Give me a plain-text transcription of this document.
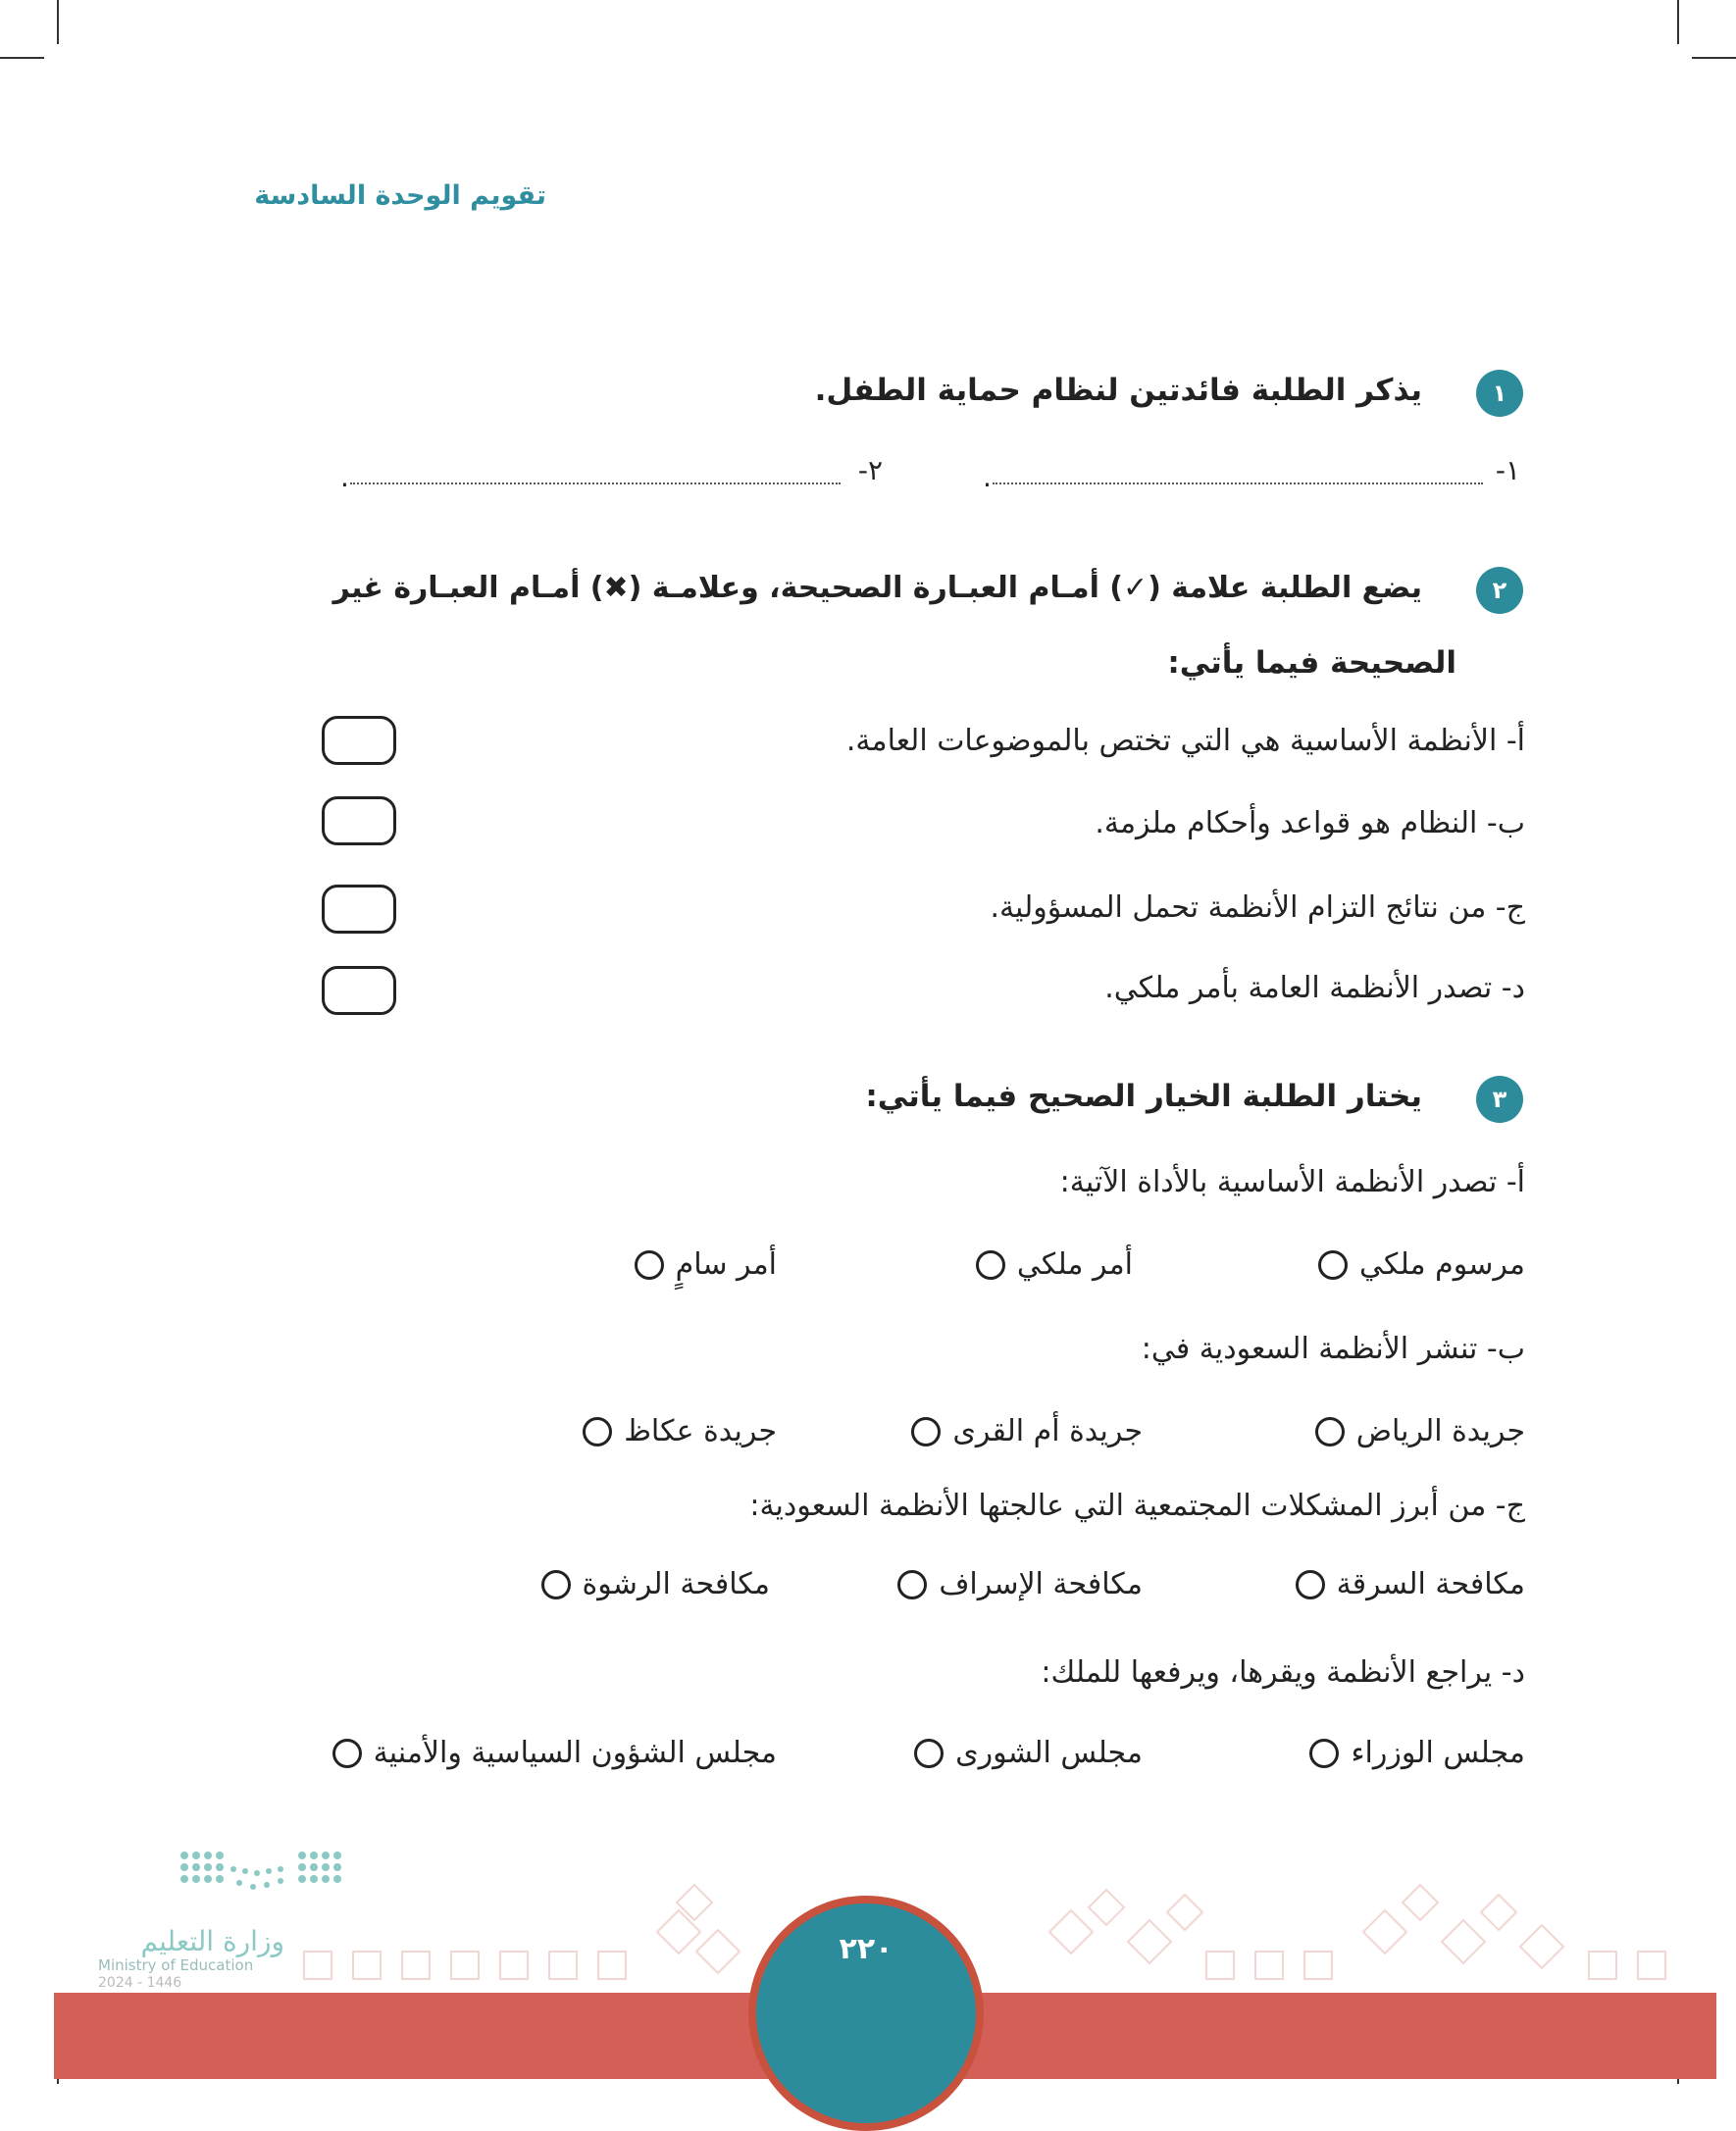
تقويم الوحدة السادسة
١
يذكر الطلبة فائدتين لنظام حماية الطفل.
١-
.
٢-
.
٢
يضع الطلبة علامة (✓) أمـام العبـارة الصحيحة، وعلامـة (✖) أمـام العبـارة غير
الصحيحة فيما يأتي:
أ- الأنظمة الأساسية هي التي تختص بالموضوعات العامة.
ب- النظام هو قواعد وأحكام ملزمة.
ج- من نتائج التزام الأنظمة تحمل المسؤولية.
د- تصدر الأنظمة العامة بأمر ملكي.
٣
يختار الطلبة الخيار الصحيح فيما يأتي:
أ- تصدر الأنظمة الأساسية بالأداة الآتية:
مرسوم ملكي
أمر ملكي
أمر سامٍ
ب- تنشر الأنظمة السعودية في:
جريدة الرياض
جريدة أم القرى
جريدة عكاظ
ج- من أبرز المشكلات المجتمعية التي عالجتها الأنظمة السعودية:
مكافحة السرقة
مكافحة الإسراف
مكافحة الرشوة
د- يراجع الأنظمة ويقرها، ويرفعها للملك:
مجلس الوزراء
مجلس الشورى
مجلس الشؤون السياسية والأمنية
وزارة التعليم
Ministry of Education
2024 - 1446
٢٢٠
